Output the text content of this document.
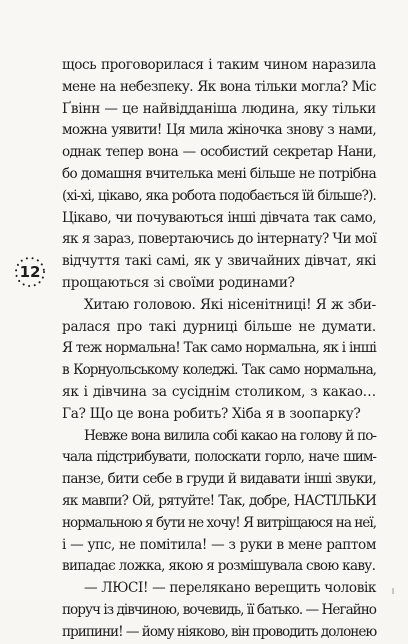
12
щось проговорилася і таким чином наразила
мене на небезпеку. Як вона тільки могла? Міс
Ґвінн — це найвідданіша людина, яку тільки
можна уявити! Ця мила жіночка знову з нами,
однак тепер вона — особистий секретар Нани,
бо домашня вчителька мені більше не потрібна
(хі-хі, цікаво, яка робота подобається їй більше?).
Цікаво, чи почуваються інші дівчата так само,
як я зараз, повертаючись до інтернату? Чи мої
відчуття такі самі, як у звичайних дівчат, які
прощаються зі своїми родинами?
Хитаю головою. Які нісенітниці! Я ж зби-
ралася про такі дурниці більше не думати.
Я теж нормальна! Так само нормальна, як і інші
в Корнуольському коледжі. Так само нормальна,
як і дівчина за сусіднім столиком, з какао…
Га? Що це вона робить? Хіба я в зоопарку?
Невже вона вилила собі какао на голову й по-
чала підстрибувати, полоскати горло, наче шим-
панзе, бити себе в груди й видавати інші звуки,
як мавпи? Ой, рятуйте! Так, добре, НАСТІЛЬКИ
нормальною я бути не хочу! Я витріщаюся на неї,
і — упс, не помітила! — з руки в мене раптом
випадає ложка, якою я розмішувала свою каву.
— ЛЮСІ! — перелякано верещить чоловік
поруч із дівчиною, вочевидь, її батько. — Негайно
припини! — йому ніяково, він проводить долонею
